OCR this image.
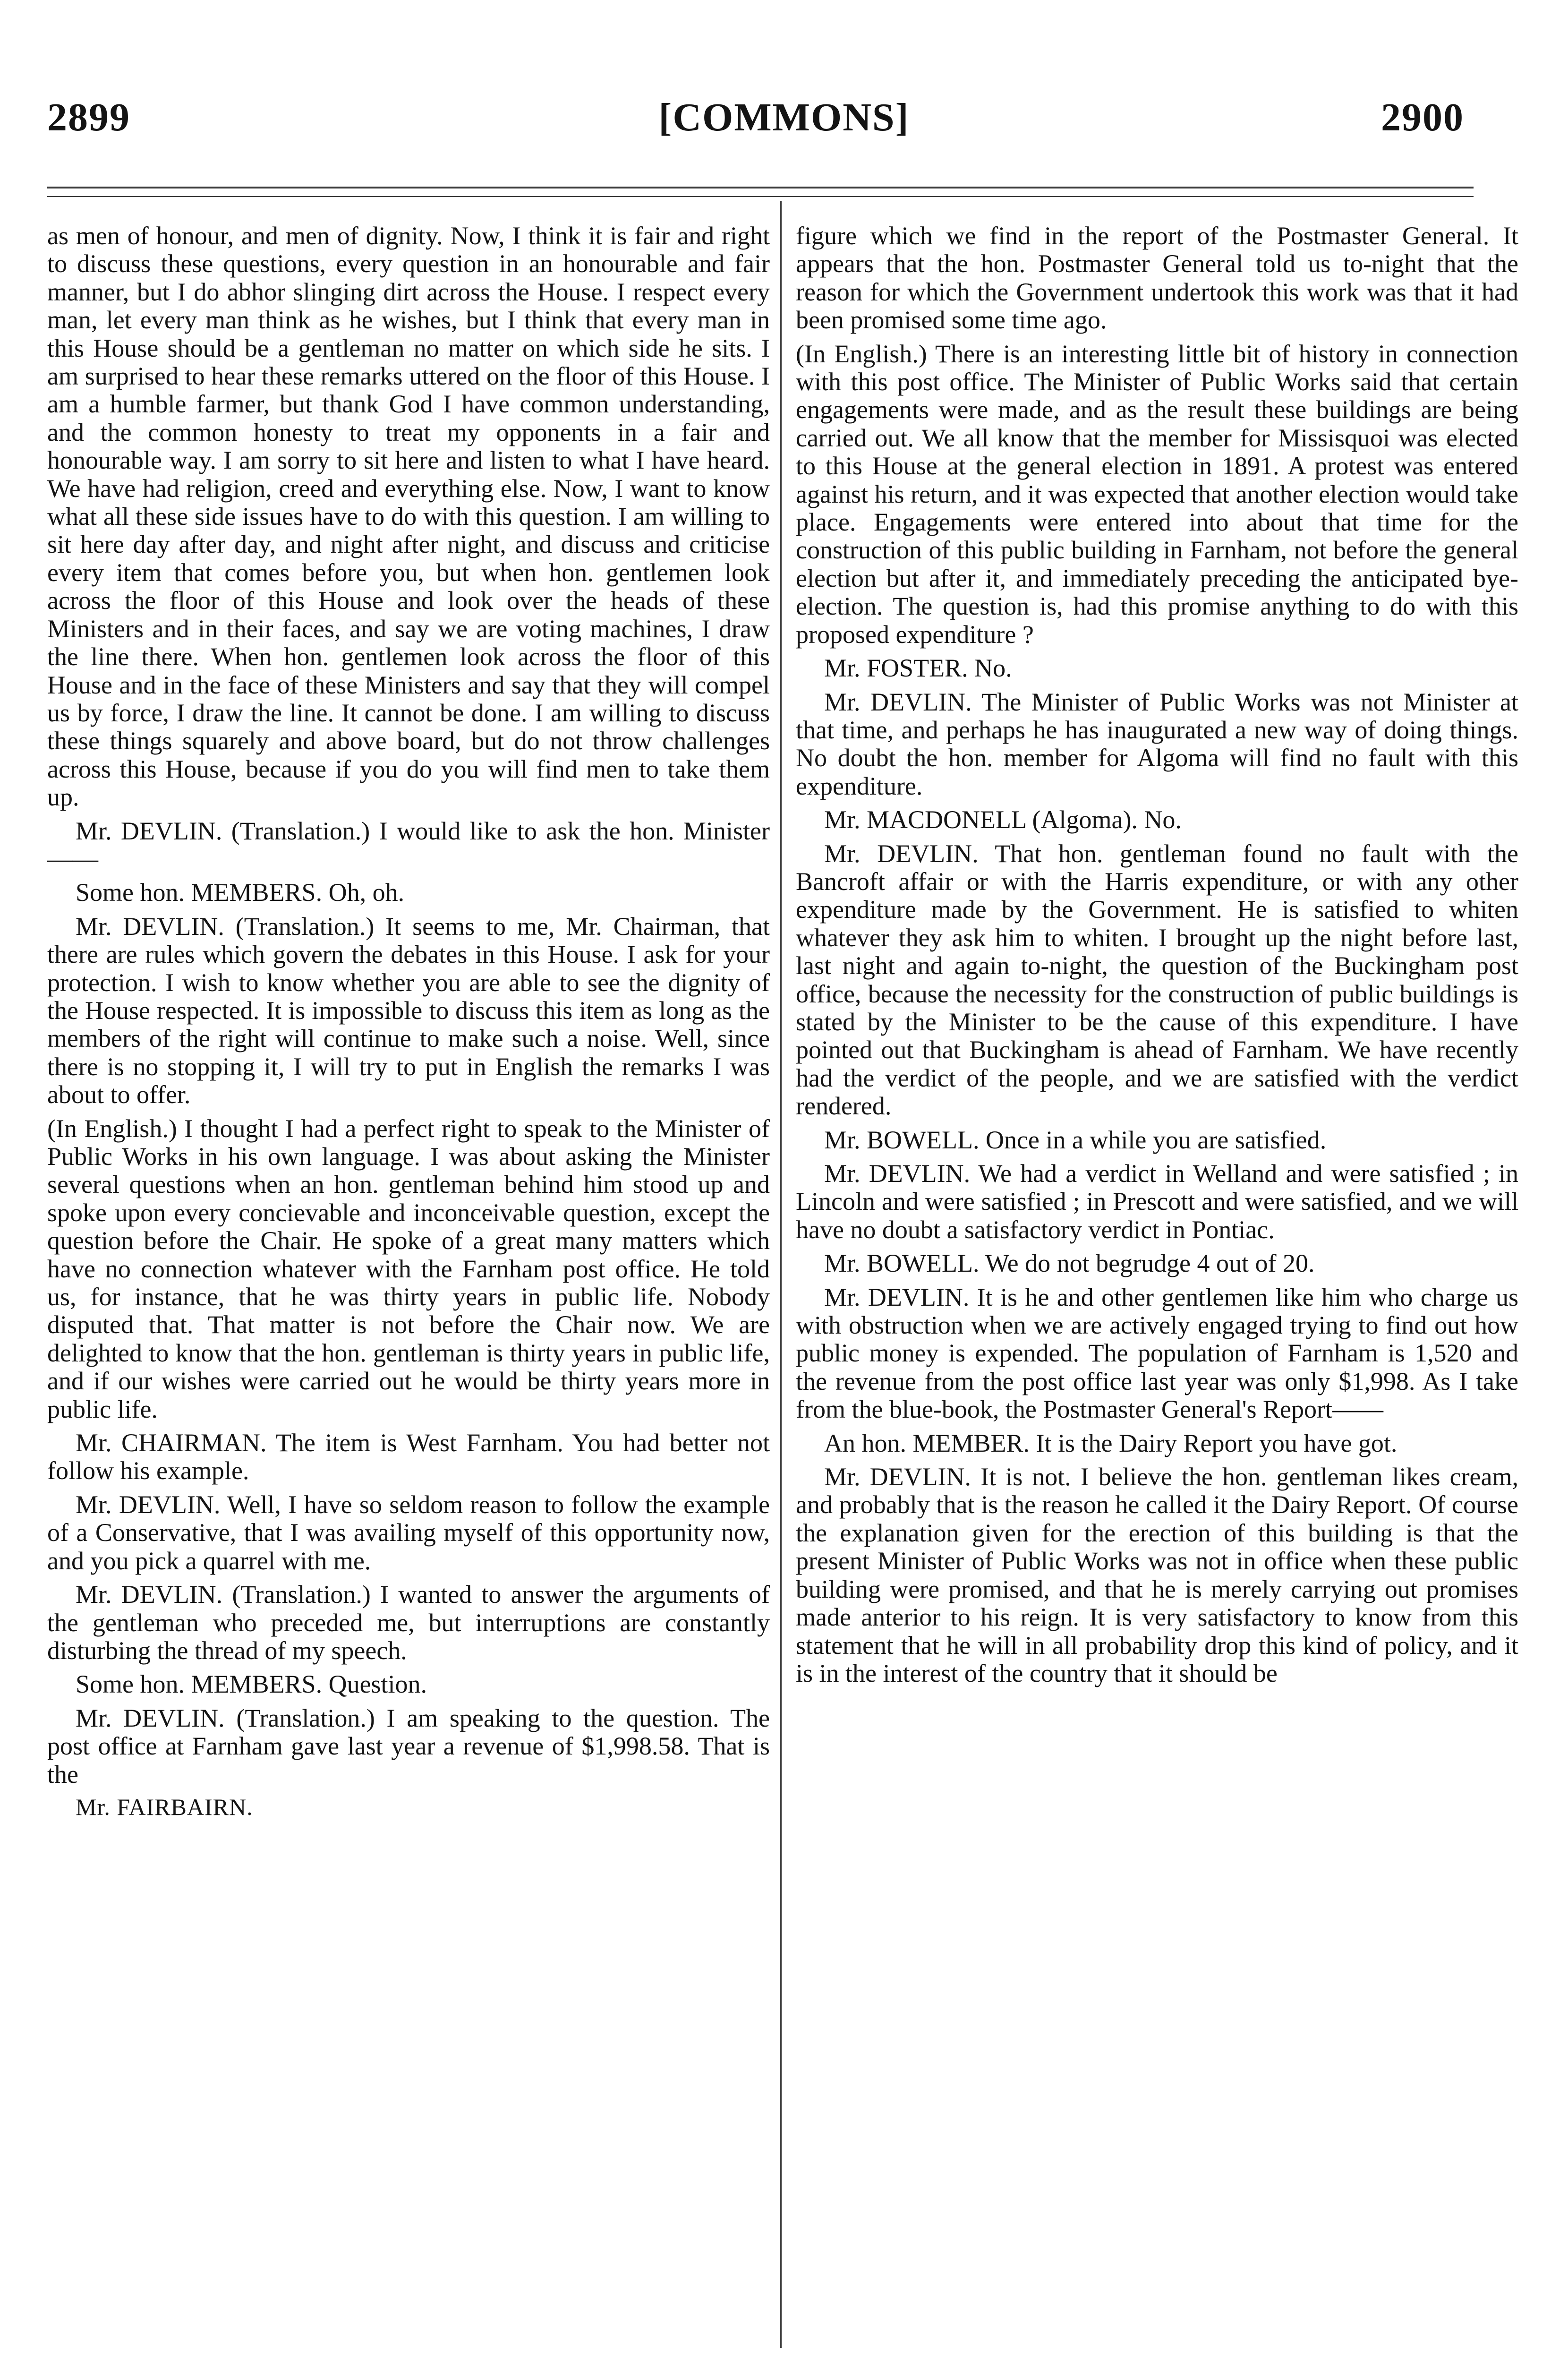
2899	[COMMONS]	2900

as men of honour, and men of dignity. Now, I think it is fair and right to discuss these questions, every question in an honourable and fair manner, but I do abhor slinging dirt across the House. I respect every man, let every man think as he wishes, but I think that every man in this House should be a gentleman no matter on which side he sits. I am surprised to hear these remarks uttered on the floor of this House. I am a humble farmer, but thank God I have common understanding, and the common honesty to treat my opponents in a fair and honourable way. I am sorry to sit here and listen to what I have heard. We have had religion, creed and everything else. Now, I want to know what all these side issues have to do with this question. I am willing to sit here day after day, and night after night, and discuss and criticise every item that comes before you, but when hon. gentlemen look across the floor of this House and look over the heads of these Ministers and in their faces, and say we are voting machines, I draw the line there. When hon. gentlemen look across the floor of this House and in the face of these Ministers and say that they will compel us by force, I draw the line. It cannot be done. I am willing to discuss these things squarely and above board, but do not throw challenges across this House, because if you do you will find men to take them up.

Mr. DEVLIN. (Translation.) I would like to ask the hon. Minister——

Some hon. MEMBERS. Oh, oh.

Mr. DEVLIN. (Translation.) It seems to me, Mr. Chairman, that there are rules which govern the debates in this House. I ask for your protection. I wish to know whether you are able to see the dignity of the House respected. It is impossible to discuss this item as long as the members of the right will continue to make such a noise. Well, since there is no stopping it, I will try to put in English the remarks I was about to offer.

(In English.) I thought I had a perfect right to speak to the Minister of Public Works in his own language. I was about asking the Minister several questions when an hon. gentleman behind him stood up and spoke upon every concievable and inconceivable question, except the question before the Chair. He spoke of a great many matters which have no connection whatever with the Farnham post office. He told us, for instance, that he was thirty years in public life. Nobody disputed that. That matter is not before the Chair now. We are delighted to know that the hon. gentleman is thirty years in public life, and if our wishes were carried out he would be thirty years more in public life.

Mr. CHAIRMAN. The item is West Farnham. You had better not follow his example.

Mr. DEVLIN. Well, I have so seldom reason to follow the example of a Conservative, that I was availing myself of this opportunity now, and you pick a quarrel with me.

Mr. DEVLIN. (Translation.) I wanted to answer the arguments of the gentleman who preceded me, but interruptions are constantly disturbing the thread of my speech.

Some hon. MEMBERS. Question.

Mr. DEVLIN. (Translation.) I am speaking to the question. The post office at Farnham gave last year a revenue of $1,998.58. That is the

Mr. FAIRBAIRN.

figure which we find in the report of the Postmaster General. It appears that the hon. Postmaster General told us to-night that the reason for which the Government undertook this work was that it had been promised some time ago.

(In English.) There is an interesting little bit of history in connection with this post office. The Minister of Public Works said that certain engagements were made, and as the result these buildings are being carried out. We all know that the member for Missisquoi was elected to this House at the general election in 1891. A protest was entered against his return, and it was expected that another election would take place. Engagements were entered into about that time for the construction of this public building in Farnham, not before the general election but after it, and immediately preceding the anticipated bye-election. The question is, had this promise anything to do with this proposed expenditure ?

Mr. FOSTER. No.

Mr. DEVLIN. The Minister of Public Works was not Minister at that time, and perhaps he has inaugurated a new way of doing things. No doubt the hon. member for Algoma will find no fault with this expenditure.

Mr. MACDONELL (Algoma). No.

Mr. DEVLIN. That hon. gentleman found no fault with the Bancroft affair or with the Harris expenditure, or with any other expenditure made by the Government. He is satisfied to whiten whatever they ask him to whiten. I brought up the night before last, last night and again to-night, the question of the Buckingham post office, because the necessity for the construction of public buildings is stated by the Minister to be the cause of this expenditure. I have pointed out that Buckingham is ahead of Farnham. We have recently had the verdict of the people, and we are satisfied with the verdict rendered.

Mr. BOWELL. Once in a while you are satisfied.

Mr. DEVLIN. We had a verdict in Welland and were satisfied ; in Lincoln and were satisfied ; in Prescott and were satisfied, and we will have no doubt a satisfactory verdict in Pontiac.

Mr. BOWELL. We do not begrudge 4 out of 20.

Mr. DEVLIN. It is he and other gentlemen like him who charge us with obstruction when we are actively engaged trying to find out how public money is expended. The population of Farnham is 1,520 and the revenue from the post office last year was only $1,998. As I take from the blue-book, the Postmaster General's Report——

An hon. MEMBER. It is the Dairy Report you have got.

Mr. DEVLIN. It is not. I believe the hon. gentleman likes cream, and probably that is the reason he called it the Dairy Report. Of course the explanation given for the erection of this building is that the present Minister of Public Works was not in office when these public building were promised, and that he is merely carrying out promises made anterior to his reign. It is very satisfactory to know from this statement that he will in all probability drop this kind of policy, and it is in the interest of the country that it should be
